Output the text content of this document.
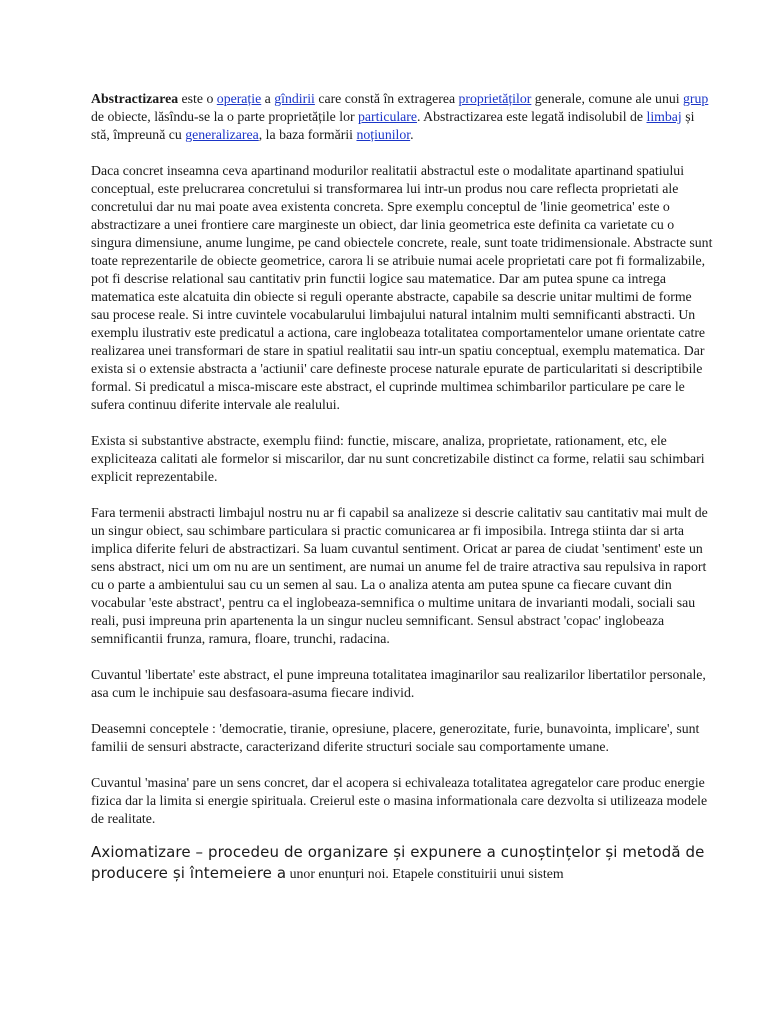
Abstractizarea este o operație a gîndirii care constă în extragerea proprietăților generale, comune ale unui grup de obiecte, lăsîndu-se la o parte proprietățile lor particulare. Abstractizarea este legată indisolubil de limbaj și stă, împreună cu generalizarea, la baza formării noțiunilor.

Daca concret inseamna ceva apartinand modurilor realitatii abstractul este o modalitate apartinand spatiului conceptual, este prelucrarea concretului si transformarea lui intr-un produs nou care reflecta proprietati ale concretului dar nu mai poate avea existenta concreta. Spre exemplu conceptul de 'linie geometrica' este o abstractizare a unei frontiere care margineste un obiect, dar linia geometrica este definita ca varietate cu o singura dimensiune, anume lungime, pe cand obiectele concrete, reale, sunt toate tridimensionale. Abstracte sunt toate reprezentarile de obiecte geometrice, carora li se atribuie numai acele proprietati care pot fi formalizabile, pot fi descrise relational sau cantitativ prin functii logice sau matematice. Dar am putea spune ca intrega matematica este alcatuita din obiecte si reguli operante abstracte, capabile sa descrie unitar multimi de forme sau procese reale. Si intre cuvintele vocabularului limbajului natural intalnim multi semnificanti abstracti. Un exemplu ilustrativ este predicatul a actiona, care inglobeaza totalitatea comportamentelor umane orientate catre realizarea unei transformari de stare in spatiul realitatii sau intr-un spatiu conceptual, exemplu matematica. Dar exista si o extensie abstracta a 'actiunii' care defineste procese naturale epurate de particularitati si descriptibile formal. Si predicatul a misca-miscare este abstract, el cuprinde multimea schimbarilor particulare pe care le sufera continuu diferite intervale ale realului.

Exista si substantive abstracte, exemplu fiind: functie, miscare, analiza, proprietate, rationament, etc, ele expliciteaza calitati ale formelor si miscarilor, dar nu sunt concretizabile distinct ca forme, relatii sau schimbari explicit reprezentabile.

Fara termenii abstracti limbajul nostru nu ar fi capabil sa analizeze si descrie calitativ sau cantitativ mai mult de un singur obiect, sau schimbare particulara si practic comunicarea ar fi imposibila. Intrega stiinta dar si arta implica diferite feluri de abstractizari. Sa luam cuvantul sentiment. Oricat ar parea de ciudat 'sentiment' este un sens abstract, nici um om nu are un sentiment, are numai un anume fel de traire atractiva sau repulsiva in raport cu o parte a ambientului sau cu un semen al sau. La o analiza atenta am putea spune ca fiecare cuvant din vocabular 'este abstract', pentru ca el inglobeaza-semnifica o multime unitara de invarianti modali, sociali sau reali, pusi impreuna prin apartenenta la un singur nucleu semnificant. Sensul abstract 'copac' inglobeaza semnificantii frunza, ramura, floare, trunchi, radacina.

Cuvantul 'libertate' este abstract, el pune impreuna totalitatea imaginarilor sau realizarilor libertatilor personale, asa cum le inchipuie sau desfasoara-asuma fiecare individ.

Deasemni conceptele : 'democratie, tiranie, opresiune, placere, generozitate, furie, bunavointa, implicare', sunt familii de sensuri abstracte, caracterizand diferite structuri sociale sau comportamente umane.

Cuvantul 'masina' pare un sens concret, dar el acopera si echivaleaza totalitatea agregatelor care produc energie fizica dar la limita si energie spirituala. Creierul este o masina informationala care dezvolta si utilizeaza modele de realitate.

Axiomatizare – procedeu de organizare și expunere a cunoștințelor și metodă de producere și întemeiere a unor enunțuri noi. Etapele constituirii unui sistem
